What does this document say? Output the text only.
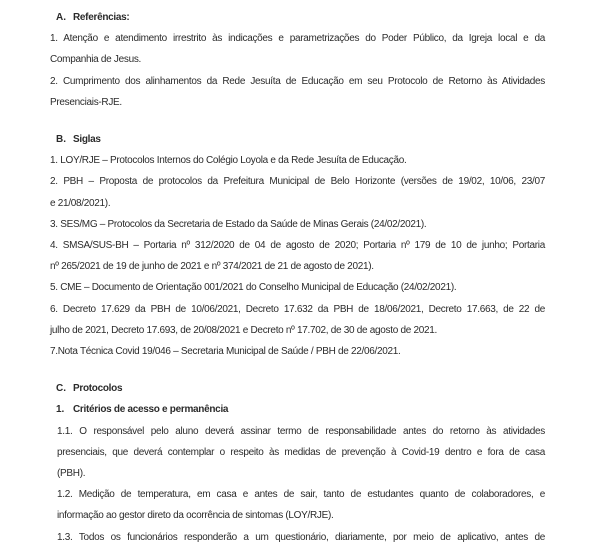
A. Referências:
1. Atenção e atendimento irrestrito às indicações e parametrizações do Poder Público, da Igreja local e da
Companhia de Jesus.
2. Cumprimento dos alinhamentos da Rede Jesuíta de Educação em seu Protocolo de Retorno às Atividades
Presenciais-RJE.
B. Siglas
1. LOY/RJE – Protocolos Internos do Colégio Loyola e da Rede Jesuíta de Educação.
2. PBH – Proposta de protocolos da Prefeitura Municipal de Belo Horizonte (versões de 19/02, 10/06, 23/07
e 21/08/2021).
3. SES/MG – Protocolos da Secretaria de Estado da Saúde de Minas Gerais (24/02/2021).
4. SMSA/SUS-BH – Portaria nº 312/2020 de 04 de agosto de 2020; Portaria nº 179 de 10 de junho; Portaria
nº 265/2021 de 19 de junho de 2021 e nº 374/2021 de 21 de agosto de 2021).
5. CME – Documento de Orientação 001/2021 do Conselho Municipal de Educação (24/02/2021).
6. Decreto 17.629 da PBH de 10/06/2021, Decreto 17.632 da PBH de 18/06/2021, Decreto 17.663, de 22 de
julho de 2021, Decreto 17.693, de 20/08/2021 e Decreto nº 17.702, de 30 de agosto de 2021.
7.Nota Técnica Covid 19/046 – Secretaria Municipal de Saúde / PBH de 22/06/2021.
C. Protocolos
1. Critérios de acesso e permanência
1.1. O responsável pelo aluno deverá assinar termo de responsabilidade antes do retorno às atividades
presenciais, que deverá contemplar o respeito às medidas de prevenção à Covid-19 dentro e fora de casa
(PBH).
1.2. Medição de temperatura, em casa e antes de sair, tanto de estudantes quanto de colaboradores, e
informação ao gestor direto da ocorrência de sintomas (LOY/RJE).
1.3. Todos os funcionários responderão a um questionário, diariamente, por meio de aplicativo, antes de
